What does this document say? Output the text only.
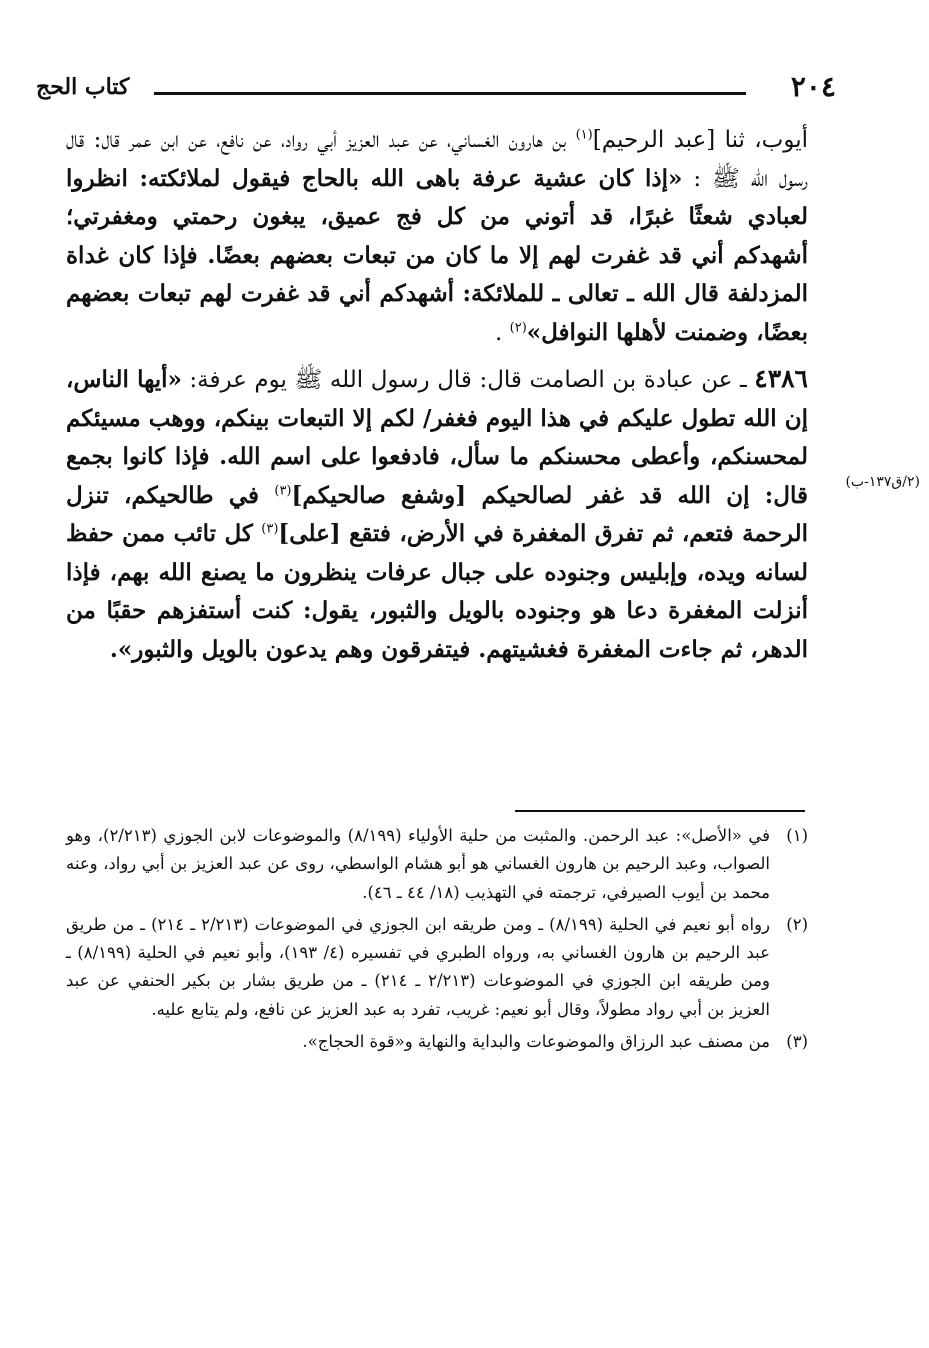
٢٠٤
كتاب الحج
(٢/ق١٣٧-ب)

أيوب، ثنا [عبد الرحيم]$^{(١)}$ بن هارون الغساني، عن عبد العزيز أبي رواد، عن نافع، عن ابن عمر قال: قال رسول الله ﷺ : «إذا كان عشية عرفة باهى الله بالحاج فيقول لملائكته: انظروا لعبادي شعثًا غبرًا، قد أتوني من كل فج عميق، يبغون رحمتي ومغفرتي؛ أشهدكم أني قد غفرت لهم إلا ما كان من تبعات بعضهم بعضًا. فإذا كان غداة المزدلفة قال الله ـ تعالى ـ للملائكة: أشهدكم أني قد غفرت لهم تبعات بعضهم بعضًا، وضمنت لأهلها النوافل»$^{(٢)}$ .

٤٣٨٦ ـ عن عبادة بن الصامت قال: قال رسول الله ﷺ يوم عرفة: «أيها الناس، إن الله تطول عليكم في هذا اليوم فغفر/ لكم إلا التبعات بينكم، ووهب مسيئكم لمحسنكم، وأعطى محسنكم ما سأل، فادفعوا على اسم الله. فإذا كانوا بجمع قال: إن الله قد غفر لصالحيكم [وشفع صالحيكم]$^{(٣)}$ في طالحيكم، تنزل الرحمة فتعم، ثم تفرق المغفرة في الأرض، فتقع [على]$^{(٣)}$ كل تائب ممن حفظ لسانه ويده، وإبليس وجنوده على جبال عرفات ينظرون ما يصنع الله بهم، فإذا أنزلت المغفرة دعا هو وجنوده بالويل والثبور، يقول: كنت أستفزهم حقبًا من الدهر، ثم جاءت المغفرة فغشيتهم. فيتفرقون وهم يدعون بالويل والثبور».

(١)
في «الأصل»: عبد الرحمن. والمثبت من حلية الأولياء (٨/١٩٩) والموضوعات لابن الجوزي (٢/٢١٣)، وهو الصواب، وعبد الرحيم بن هارون الغساني هو أبو هشام الواسطي، روى عن عبد العزيز بن أبي رواد، وعنه محمد بن أيوب الصيرفي، ترجمته في التهذيب (١٨/ ٤٤ ـ ٤٦).

(٢)
رواه أبو نعيم في الحلية (٨/١٩٩) ـ ومن طريقه ابن الجوزي في الموضوعات (٢/٢١٣ ـ ٢١٤) ـ من طريق عبد الرحيم بن هارون الغساني به، ورواه الطبري في تفسيره (٤/ ١٩٣)، وأبو نعيم في الحلية (٨/١٩٩) ـ ومن طريقه ابن الجوزي في الموضوعات (٢/٢١٣ ـ ٢١٤) ـ من طريق بشار بن بكير الحنفي عن عبد العزيز بن أبي رواد مطولاً، وقال أبو نعيم: غريب، تفرد به عبد العزيز عن نافع، ولم يتابع عليه.

(٣)
من مصنف عبد الرزاق والموضوعات والبداية والنهاية و«قوة الحجاج».
